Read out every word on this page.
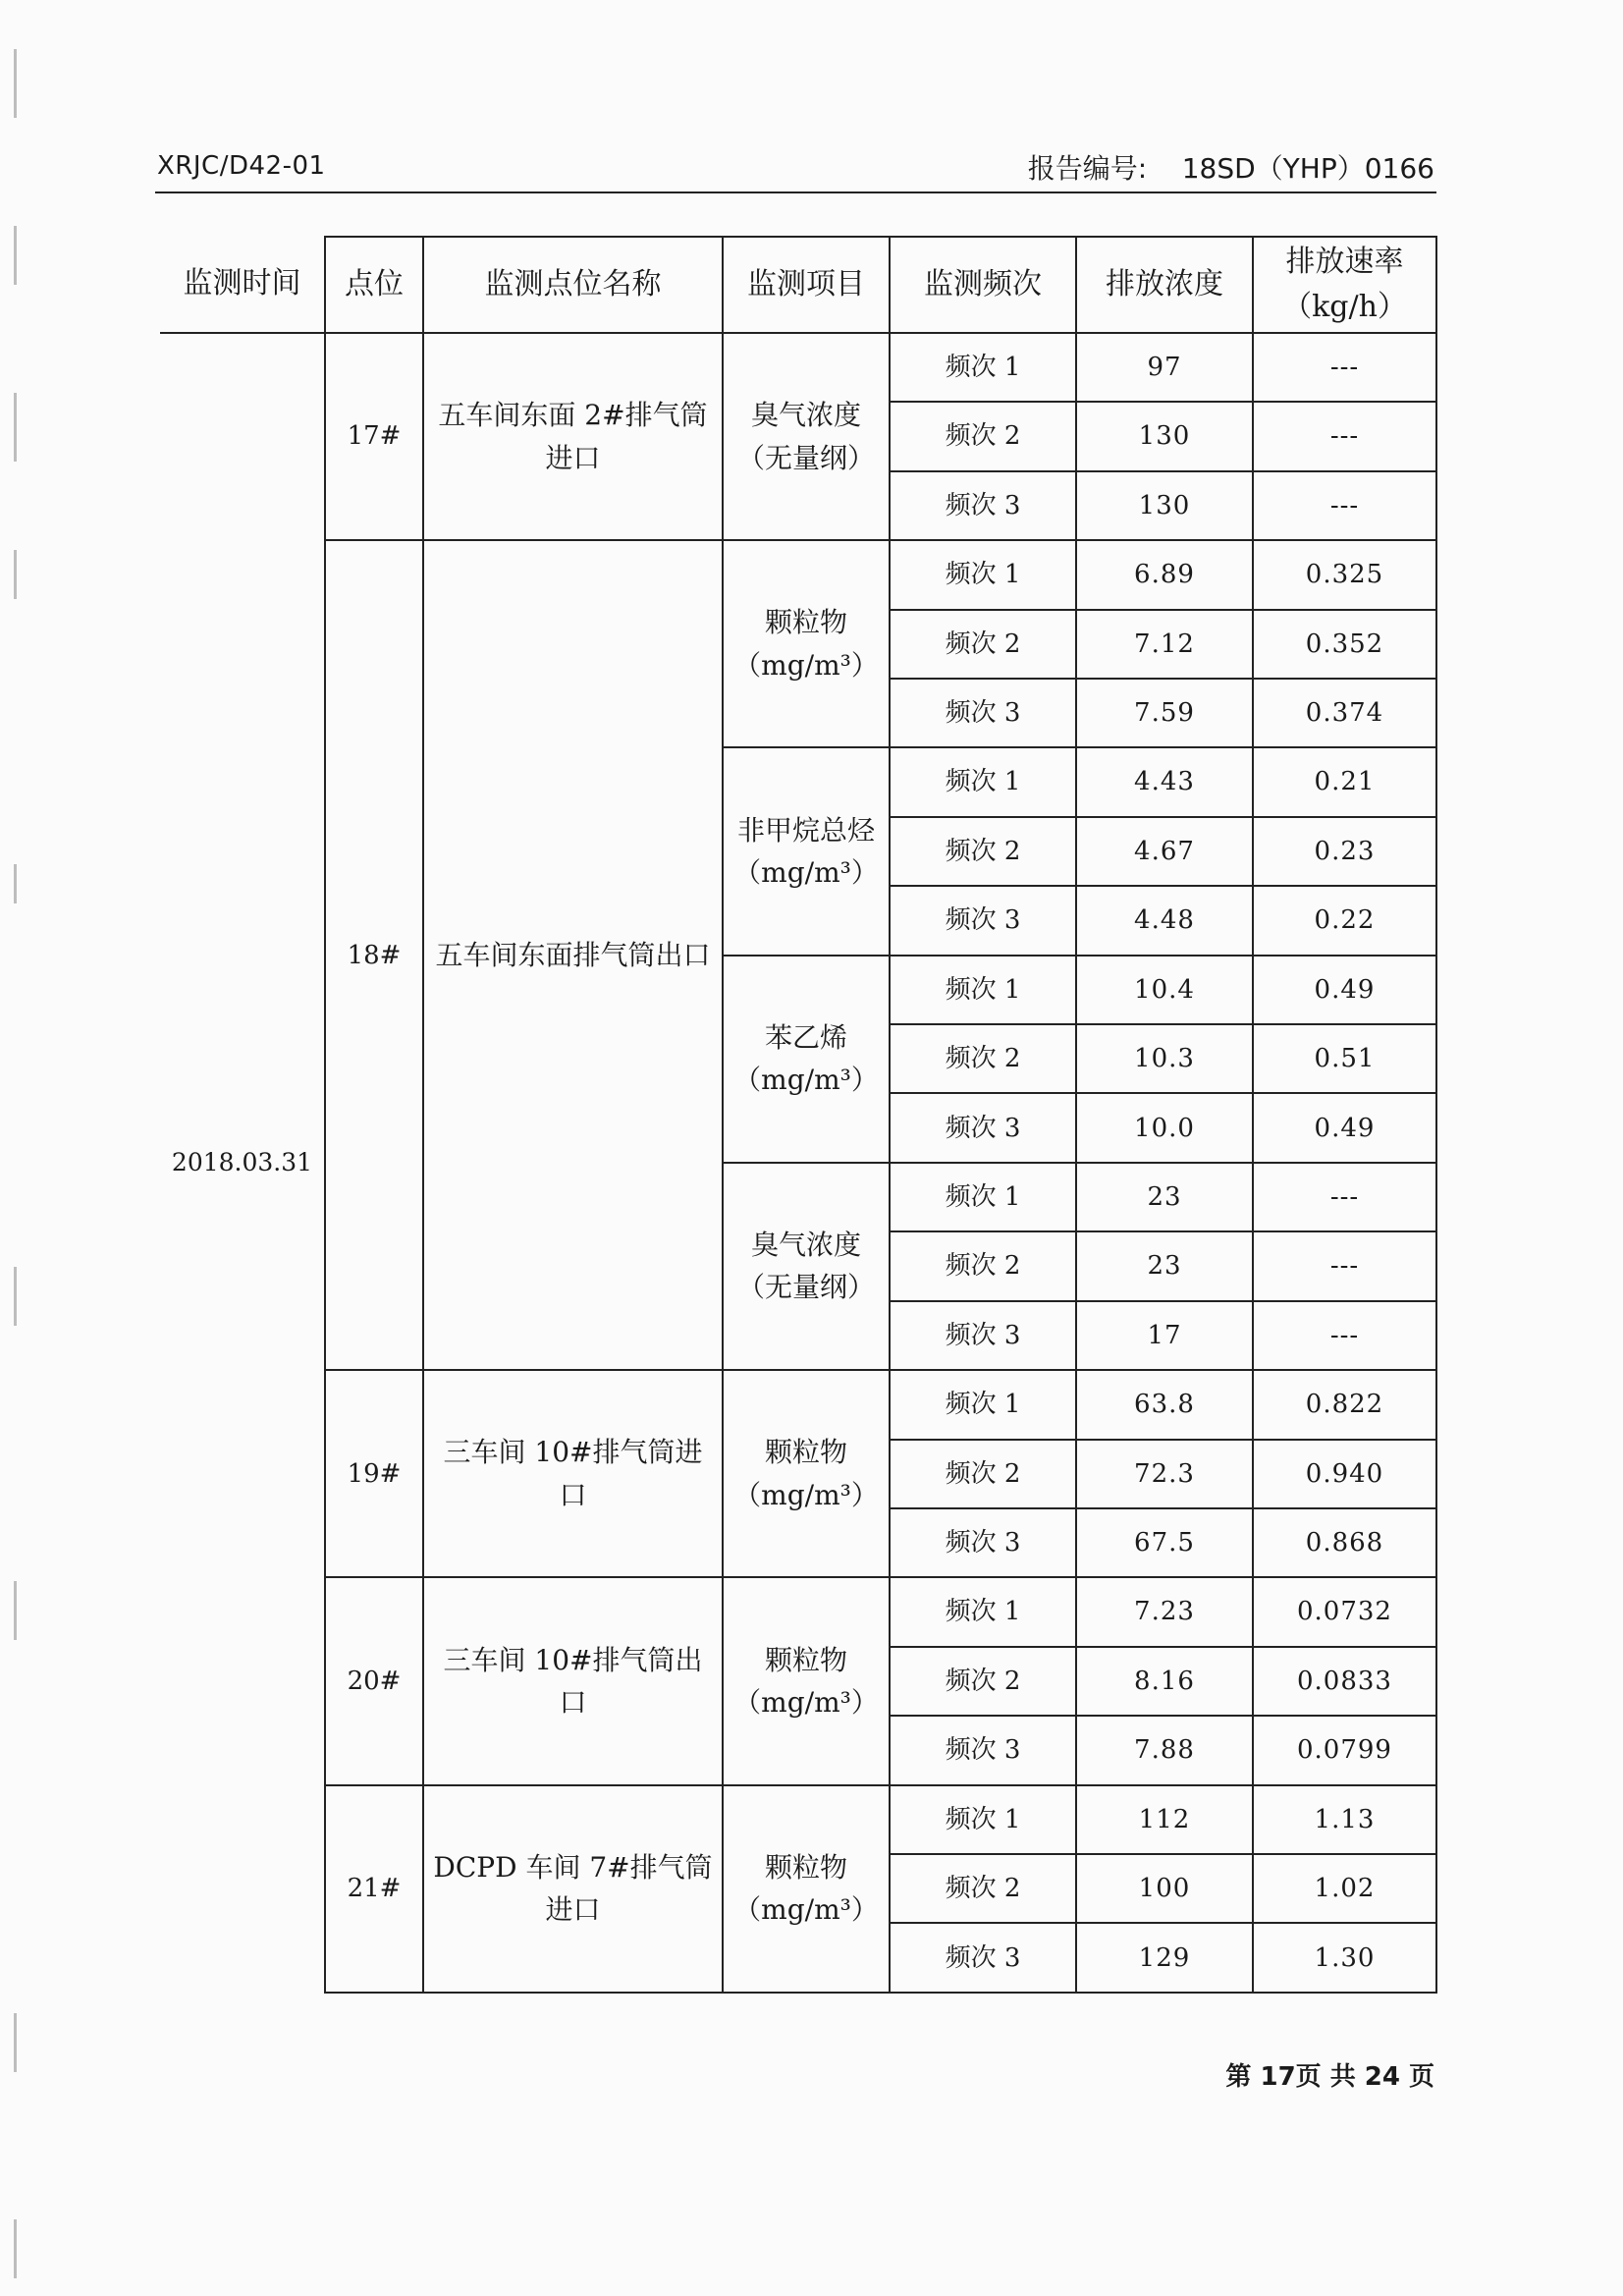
XRJC/D42-01	报告编号:    18SD（YHP）0166
监测时间	点位	监测点位名称	监测项目	监测频次	排放浓度	排放速率
（kg/h）
2018.03.31	17#	五车间东面 2#排气筒进口	臭气浓度
（无量纲）	频次 1	97	---
				频次 2	130	---
				频次 3	130	---
	18#	五车间东面排气筒出口	颗粒物
（mg/m³）	频次 1	6.89	0.325
				频次 2	7.12	0.352
				频次 3	7.59	0.374
			非甲烷总烃
（mg/m³）	频次 1	4.43	0.21
				频次 2	4.67	0.23
				频次 3	4.48	0.22
			苯乙烯
（mg/m³）	频次 1	10.4	0.49
				频次 2	10.3	0.51
				频次 3	10.0	0.49
			臭气浓度
（无量纲）	频次 1	23	---
				频次 2	23	---
				频次 3	17	---
	19#	三车间 10#排气筒进口	颗粒物
（mg/m³）	频次 1	63.8	0.822
				频次 2	72.3	0.940
				频次 3	67.5	0.868
	20#	三车间 10#排气筒出口	颗粒物
（mg/m³）	频次 1	7.23	0.0732
				频次 2	8.16	0.0833
				频次 3	7.88	0.0799
	21#	DCPD 车间 7#排气筒进口	颗粒物
（mg/m³）	频次 1	112	1.13
				频次 2	100	1.02
				频次 3	129	1.30
第 17页 共 24 页
